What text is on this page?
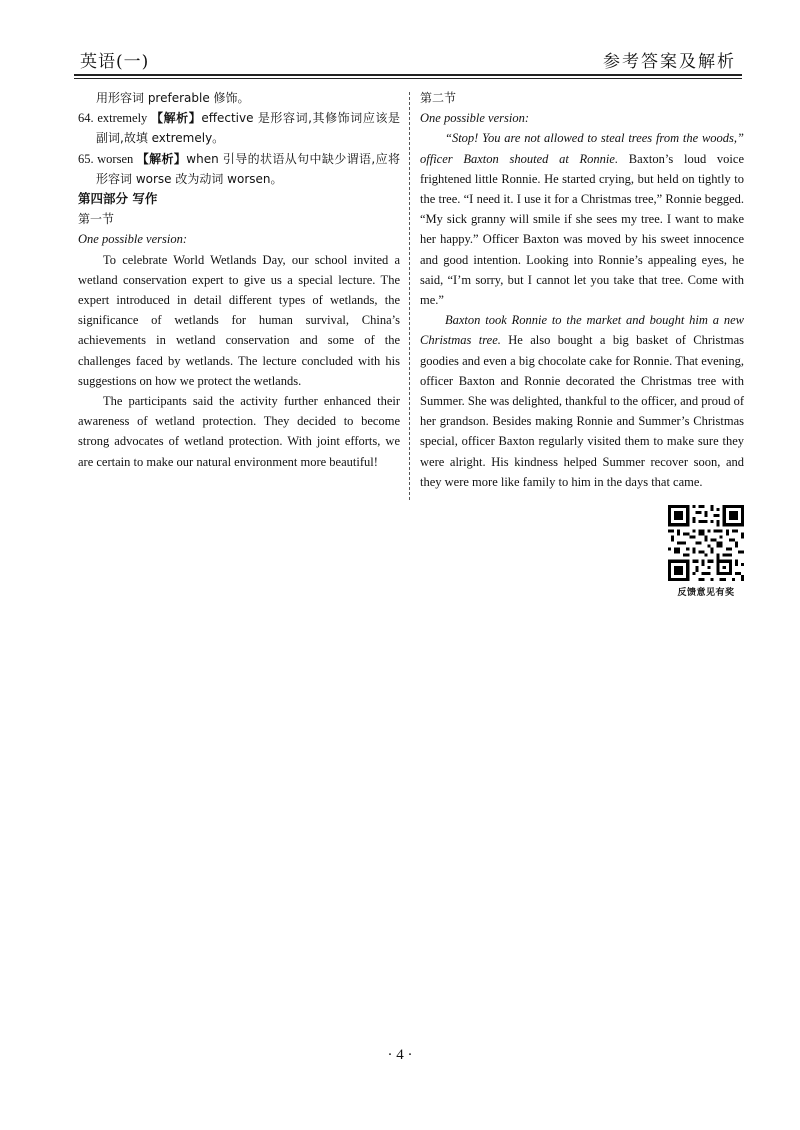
英语(一)	参考答案及解析

用形容词 preferable 修饰。

64. extremely 【解析】effective 是形容词,其修饰词应该是副词,故填 extremely。

65. worsen 【解析】when 引导的状语从句中缺少谓语,应将形容词 worse 改为动词 worsen。

第四部分 写作

第一节

One possible version:

To celebrate World Wetlands Day, our school invited a wetland conservation expert to give us a special lecture. The expert introduced in detail different types of wetlands, the significance of wetlands for human survival, China’s achievements in wetland conservation and some of the challenges faced by wetlands. The lecture concluded with his suggestions on how we protect the wetlands.

The participants said the activity further enhanced their awareness of wetland protection. They decided to become strong advocates of wetland protection. With joint efforts, we are certain to make our natural environment more beautiful!

第二节

One possible version:

“Stop! You are not allowed to steal trees from the woods,” officer Baxton shouted at Ronnie. Baxton’s loud voice frightened little Ronnie. He started crying, but held on tightly to the tree. “I need it. I use it for a Christmas tree,” Ronnie begged. “My sick granny will smile if she sees my tree. I want to make her happy.” Officer Baxton was moved by his sweet innocence and good intention. Looking into Ronnie’s appealing eyes, he said, “I’m sorry, but I cannot let you take that tree. Come with me.”

Baxton took Ronnie to the market and bought him a new Christmas tree. He also bought a big basket of Christmas goodies and even a big chocolate cake for Ronnie. That evening, officer Baxton and Ronnie decorated the Christmas tree with Summer. She was delighted, thankful to the officer, and proud of her grandson. Besides making Ronnie and Summer’s Christmas special, officer Baxton regularly visited them to make sure they were alright. His kindness helped Summer recover soon, and they were more like family to him in the days that came.

反馈意见有奖
· 4 ·
